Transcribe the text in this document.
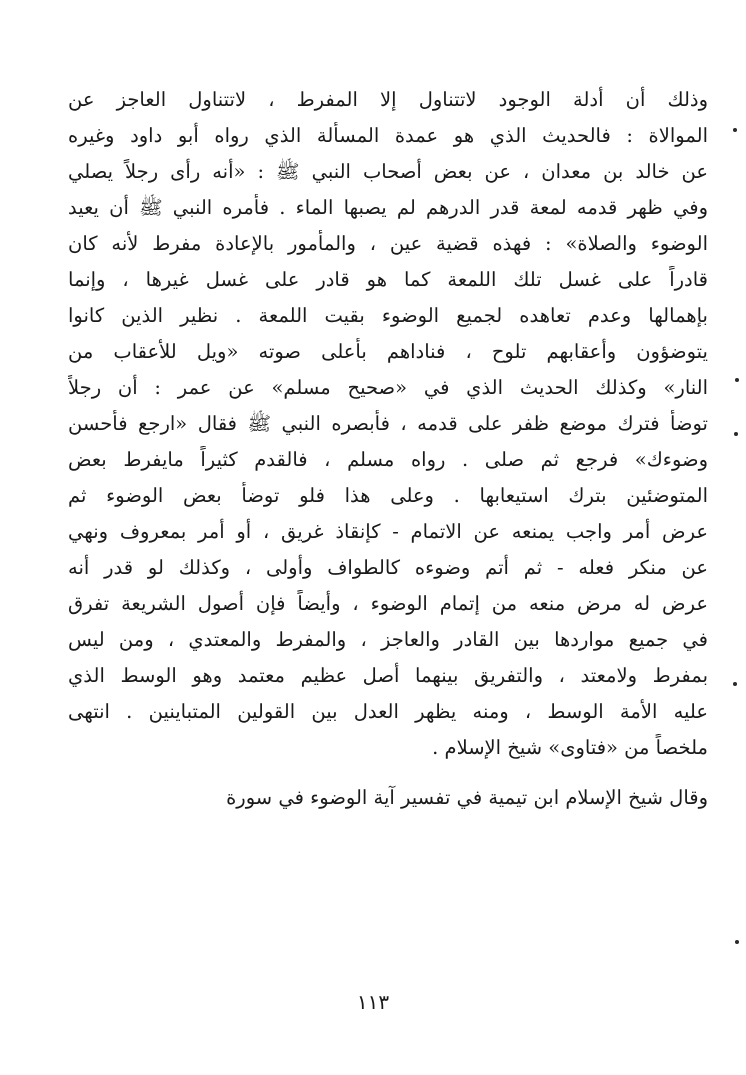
وذلك أن أدلة الوجود لاتتناول إلا المفرط ، لاتتناول العاجز عن
الموالاة : فالحديث الذي هو عمدة المسألة الذي رواه أبو داود وغيره
عن خالد بن معدان ، عن بعض أصحاب النبي ﷺ : «أنه رأى رجلاً يصلي
وفي ظهر قدمه لمعة قدر الدرهم لم يصبها الماء . فأمره النبي ﷺ أن يعيد
الوضوء والصلاة» : فهذه قضية عين ، والمأمور بالإعادة مفرط لأنه كان
قادراً على غسل تلك اللمعة كما هو قادر على غسل غيرها ، وإنما
بإهمالها وعدم تعاهده لجميع الوضوء بقيت اللمعة . نظير الذين كانوا
يتوضؤون وأعقابهم تلوح ، فناداهم بأعلى صوته «ويل للأعقاب من
النار» وكذلك الحديث الذي في «صحيح مسلم» عن عمر : أن رجلاً
توضأ فترك موضع ظفر على قدمه ، فأبصره النبي ﷺ فقال «ارجع فأحسن
وضوءك» فرجع ثم صلى . رواه مسلم ، فالقدم كثيراً مايفرط بعض
المتوضئين بترك استيعابها . وعلى هذا فلو توضأ بعض الوضوء ثم
عرض أمر واجب يمنعه عن الاتمام - كإنقاذ غريق ، أو أمر بمعروف ونهي
عن منكر فعله - ثم أتم وضوءه كالطواف وأولى ، وكذلك لو قدر أنه
عرض له مرض منعه من إتمام الوضوء ، وأيضاً فإن أصول الشريعة تفرق
في جميع مواردها بين القادر والعاجز ، والمفرط والمعتدي ، ومن ليس
بمفرط ولامعتد ، والتفريق بينهما أصل عظيم معتمد وهو الوسط الذي
عليه الأمة الوسط ، ومنه يظهر العدل بين القولين المتباينين . انتهى
ملخصاً من «فتاوى» شيخ الإسلام .
وقال شيخ الإسلام ابن تيمية في تفسير آية الوضوء في سورة
١١٣
